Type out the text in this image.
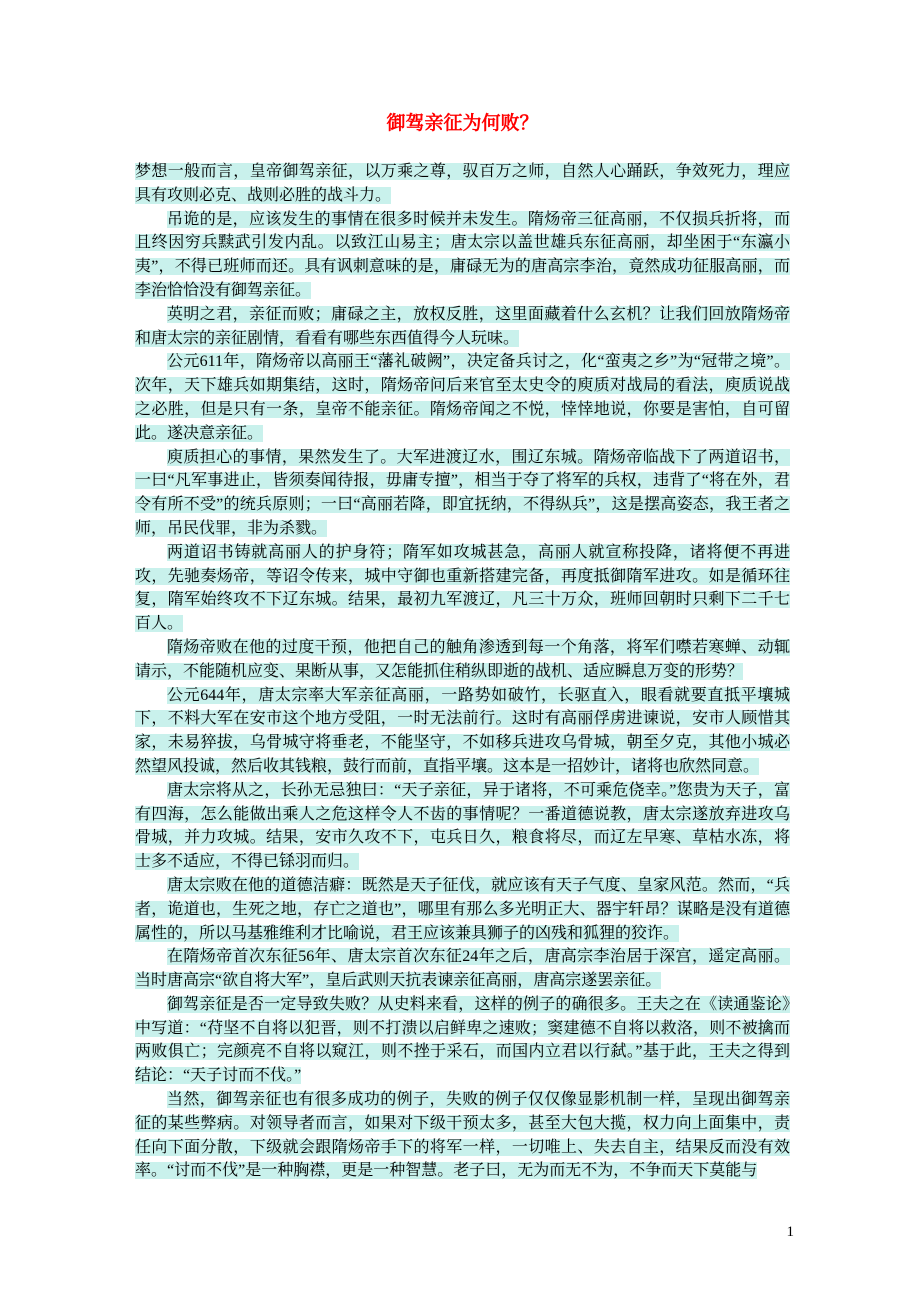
御驾亲征为何败？

梦想一般而言，皇帝御驾亲征，以万乘之尊，驭百万之师，自然人心踊跃，争效死力，理应具有攻则必克、战则必胜的战斗力。

吊诡的是，应该发生的事情在很多时候并未发生。隋炀帝三征高丽，不仅损兵折将，而且终因穷兵黩武引发内乱。以致江山易主；唐太宗以盖世雄兵东征高丽，却坐困于“东瀛小夷”，不得已班师而还。具有讽刺意味的是，庸碌无为的唐高宗李治，竟然成功征服高丽，而李治恰恰没有御驾亲征。

英明之君，亲征而败；庸碌之主，放权反胜，这里面藏着什么玄机？让我们回放隋炀帝和唐太宗的亲征剧情，看看有哪些东西值得今人玩味。

公元611年，隋炀帝以高丽王“藩礼破阙”，决定备兵讨之，化“蛮夷之乡”为“冠带之境”。次年，天下雄兵如期集结，这时，隋炀帝问后来官至太史令的庾质对战局的看法，庾质说战之必胜，但是只有一条，皇帝不能亲征。隋炀帝闻之不悦，悻悻地说，你要是害怕，自可留此。遂决意亲征。

庾质担心的事情，果然发生了。大军进渡辽水，围辽东城。隋炀帝临战下了两道诏书，一曰“凡军事进止，皆须奏闻待报，毋庸专擅”，相当于夺了将军的兵权，违背了“将在外，君令有所不受”的统兵原则；一曰“高丽若降，即宜抚纳，不得纵兵”，这是摆高姿态，我王者之师，吊民伐罪，非为杀戮。

两道诏书铸就高丽人的护身符；隋军如攻城甚急，高丽人就宣称投降，诸将便不再进攻，先驰奏炀帝，等诏令传来，城中守御也重新搭建完备，再度抵御隋军进攻。如是循环往复，隋军始终攻不下辽东城。结果，最初九军渡辽，凡三十万众，班师回朝时只剩下二千七百人。

隋炀帝败在他的过度干预，他把自己的触角渗透到每一个角落，将军们噤若寒蝉、动辄请示，不能随机应变、果断从事，又怎能抓住稍纵即逝的战机、适应瞬息万变的形势？

公元644年，唐太宗率大军亲征高丽，一路势如破竹，长驱直入，眼看就要直抵平壤城下，不料大军在安市这个地方受阻，一时无法前行。这时有高丽俘虏进谏说，安市人顾惜其家，未易猝拔，乌骨城守将垂老，不能坚守，不如移兵进攻乌骨城，朝至夕克，其他小城必然望风投诚，然后收其钱粮，鼓行而前，直指平壤。这本是一招妙计，诸将也欣然同意。

唐太宗将从之，长孙无忌独曰：“天子亲征，异于诸将，不可乘危侥幸。”您贵为天子，富有四海，怎么能做出乘人之危这样令人不齿的事情呢？一番道德说教，唐太宗遂放弃进攻乌骨城，并力攻城。结果，安市久攻不下，屯兵日久，粮食将尽，而辽左早寒、草枯水冻，将士多不适应，不得已铩羽而归。

唐太宗败在他的道德洁癖：既然是天子征伐，就应该有天子气度、皇家风范。然而，“兵者，诡道也，生死之地，存亡之道也”，哪里有那么多光明正大、器宇轩昂？谋略是没有道德属性的，所以马基雅维利才比喻说，君王应该兼具狮子的凶残和狐狸的狡诈。

在隋炀帝首次东征56年、唐太宗首次东征24年之后，唐高宗李治居于深宫，遥定高丽。当时唐高宗“欲自将大军”，皇后武则天抗表谏亲征高丽，唐高宗遂罢亲征。

御驾亲征是否一定导致失败？从史料来看，这样的例子的确很多。王夫之在《读通鉴论》中写道：“苻坚不自将以犯晋，则不打溃以启鲜卑之速败；窦建德不自将以救洛，则不被擒而两败俱亡；完颜亮不自将以窥江，则不挫于采石，而国内立君以行弑。”基于此，王夫之得到结论：“天子讨而不伐。”

当然，御驾亲征也有很多成功的例子，失败的例子仅仅像显影机制一样，呈现出御驾亲征的某些弊病。对领导者而言，如果对下级干预太多，甚至大包大揽，权力向上面集中，责任向下面分散，下级就会跟隋炀帝手下的将军一样，一切唯上、失去自主，结果反而没有效率。“讨而不伐”是一种胸襟，更是一种智慧。老子曰，无为而无不为，不争而天下莫能与

1
